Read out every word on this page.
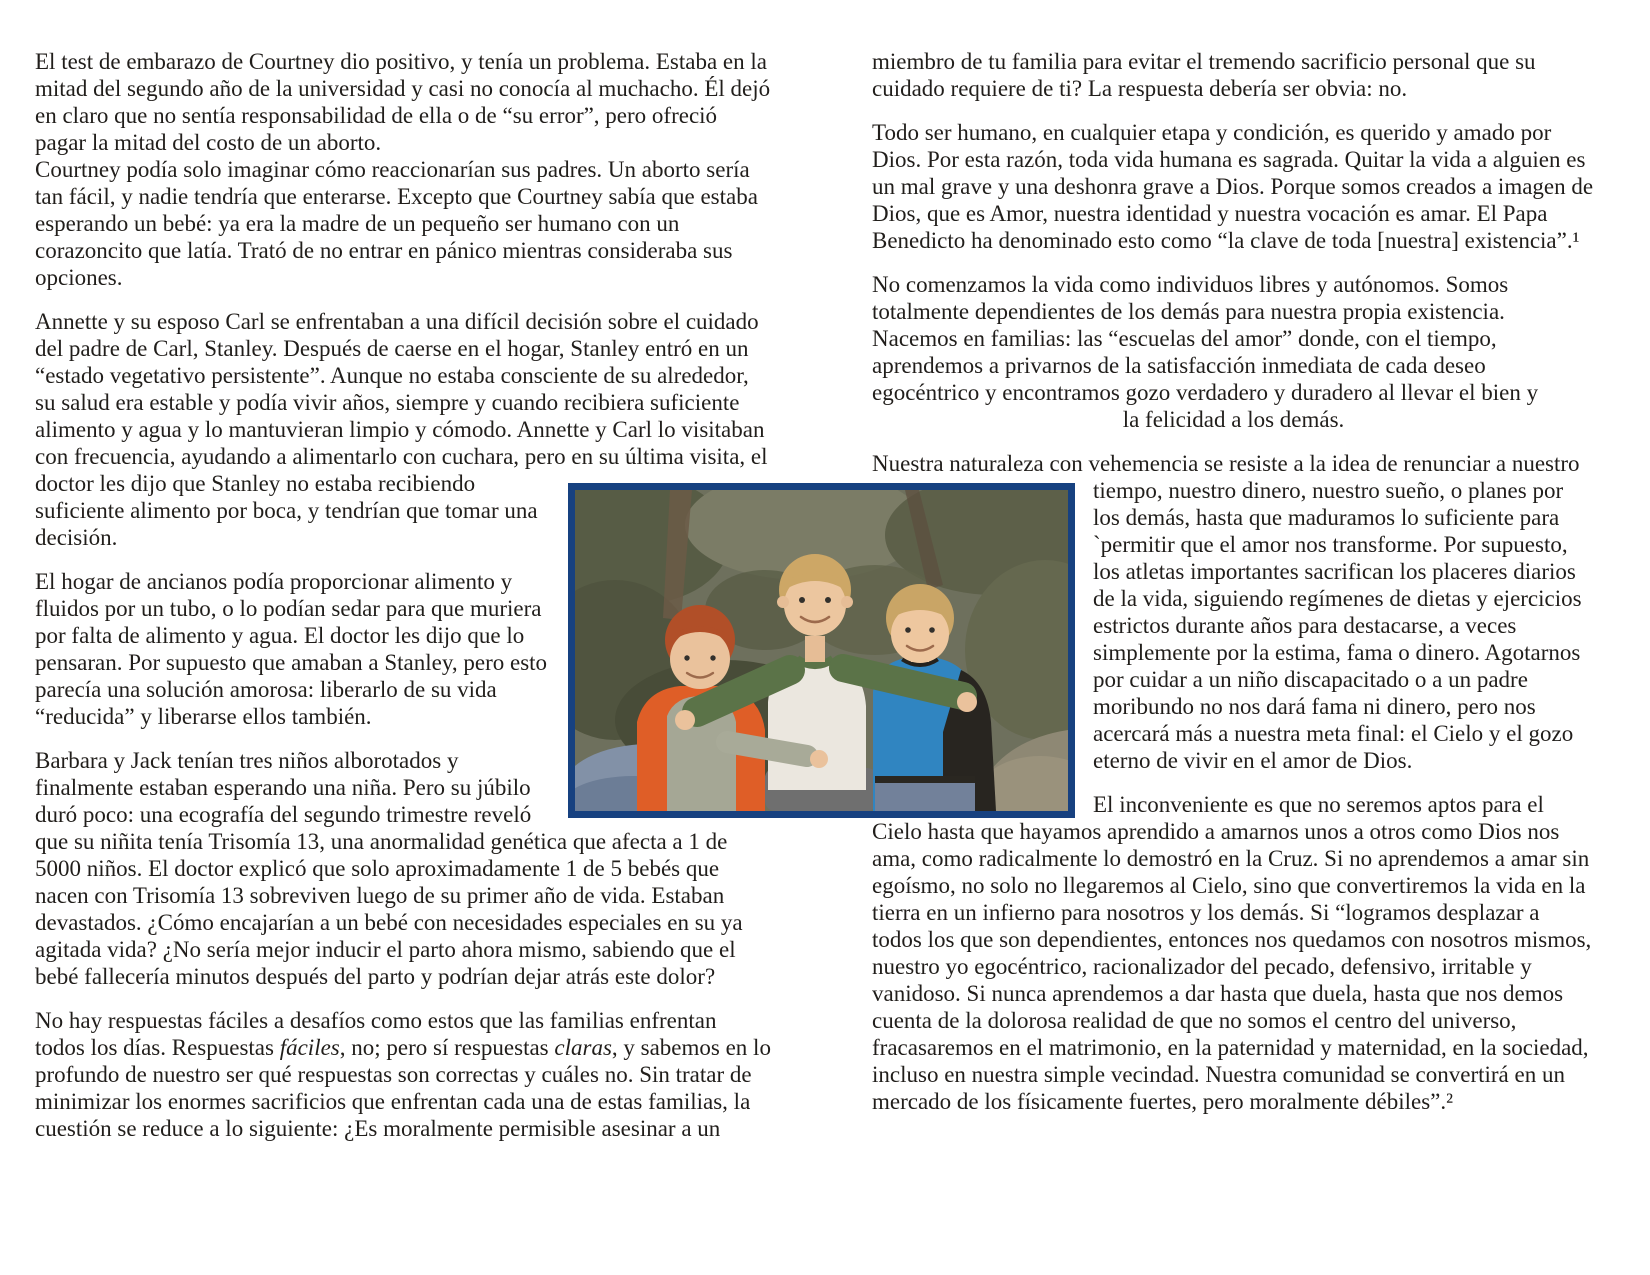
El test de embarazo de Courtney dio positivo, y tenía un problema. Estaba en la mitad del segundo año de la universidad y casi no conocía al muchacho. Él dejó en claro que no sentía responsabilidad de ella o de “su error”, pero ofreció pagar la mitad del costo de un aborto.

Courtney podía solo imaginar cómo reaccionarían sus padres. Un aborto sería tan fácil, y nadie tendría que enterarse. Excepto que Courtney sabía que estaba esperando un bebé: ya era la madre de un pequeño ser humano con un corazoncito que latía. Trató de no entrar en pánico mientras consideraba sus opciones.

Annette y su esposo Carl se enfrentaban a una difícil decisión sobre el cuidado del padre de Carl, Stanley. Después de caerse en el hogar, Stanley entró en un “estado vegetativo persistente”. Aunque no estaba consciente de su alrededor, su salud era estable y podía vivir años, siempre y cuando recibiera suficiente alimento y agua y lo mantuvieran limpio y cómodo. Annette y Carl lo visitaban con frecuencia, ayudando a alimentarlo con cuchara, pero en su última visita, el doctor les dijo que Stanley no estaba recibiendo suficiente alimento por boca, y tendrían que tomar una decisión.

El hogar de ancianos podía proporcionar alimento y fluidos por un tubo, o lo podían sedar para que muriera por falta de alimento y agua. El doctor les dijo que lo pensaran. Por supuesto que amaban a Stanley, pero esto parecía una solución amorosa: liberarlo de su vida “reducida” y liberarse ellos también.

Barbara y Jack tenían tres niños alborotados y finalmente estaban esperando una niña. Pero su júbilo duró poco: una ecografía del segundo trimestre reveló que su niñita tenía Trisomía 13, una anormalidad genética que afecta a 1 de 5000 niños. El doctor explicó que solo aproximadamente 1 de 5 bebés que nacen con Trisomía 13 sobreviven luego de su primer año de vida. Estaban devastados. ¿Cómo encajarían a un bebé con necesidades especiales en su ya agitada vida? ¿No sería mejor inducir el parto ahora mismo, sabiendo que el bebé fallecería minutos después del parto y podrían dejar atrás este dolor?

No hay respuestas fáciles a desafíos como estos que las familias enfrentan todos los días. Respuestas fáciles, no; pero sí respuestas claras, y sabemos en lo profundo de nuestro ser qué respuestas son correctas y cuáles no. Sin tratar de minimizar los enormes sacrificios que enfrentan cada una de estas familias, la cuestión se reduce a lo siguiente: ¿Es moralmente permisible asesinar a un

miembro de tu familia para evitar el tremendo sacrificio personal que su cuidado requiere de ti? La respuesta debería ser obvia: no.

Todo ser humano, en cualquier etapa y condición, es querido y amado por Dios. Por esta razón, toda vida humana es sagrada. Quitar la vida a alguien es un mal grave y una deshonra grave a Dios. Porque somos creados a imagen de Dios, que es Amor, nuestra identidad y nuestra vocación es amar. El Papa Benedicto ha denominado esto como “la clave de toda [nuestra] existencia”.¹

No comenzamos la vida como individuos libres y autónomos. Somos totalmente dependientes de los demás para nuestra propia existencia. Nacemos en familias: las “escuelas del amor” donde, con el tiempo, aprendemos a privarnos de la satisfacción inmediata de cada deseo egocéntrico y encontramos gozo verdadero y duradero al llevar el bien y

la felicidad a los demás.

Nuestra naturaleza con vehemencia se resiste a la idea de renunciar a nuestro tiempo, nuestro dinero, nuestro sueño, o planes por los demás, hasta que maduramos lo suficiente para `permitir que el amor nos transforme. Por supuesto, los atletas importantes sacrifican los placeres diarios de la vida, siguiendo regímenes de dietas y ejercicios estrictos durante años para destacarse, a veces simplemente por la estima, fama o dinero. Agotarnos por cuidar a un niño discapacitado o a un padre moribundo no nos dará fama ni dinero, pero nos acercará más a nuestra meta final: el Cielo y el gozo eterno de vivir en el amor de Dios.

El inconveniente es que no seremos aptos para el Cielo hasta que hayamos aprendido a amarnos unos a otros como Dios nos ama, como radicalmente lo demostró en la Cruz. Si no aprendemos a amar sin egoísmo, no solo no llegaremos al Cielo, sino que convertiremos la vida en la tierra en un infierno para nosotros y los demás. Si “logramos desplazar a todos los que son dependientes, entonces nos quedamos con nosotros mismos, nuestro yo egocéntrico, racionalizador del pecado, defensivo, irritable y vanidoso. Si nunca aprendemos a dar hasta que duela, hasta que nos demos cuenta de la dolorosa realidad de que no somos el centro del universo, fracasaremos en el matrimonio, en la paternidad y maternidad, en la sociedad, incluso en nuestra simple vecindad. Nuestra comunidad se convertirá en un mercado de los físicamente fuertes, pero moralmente débiles”.²
